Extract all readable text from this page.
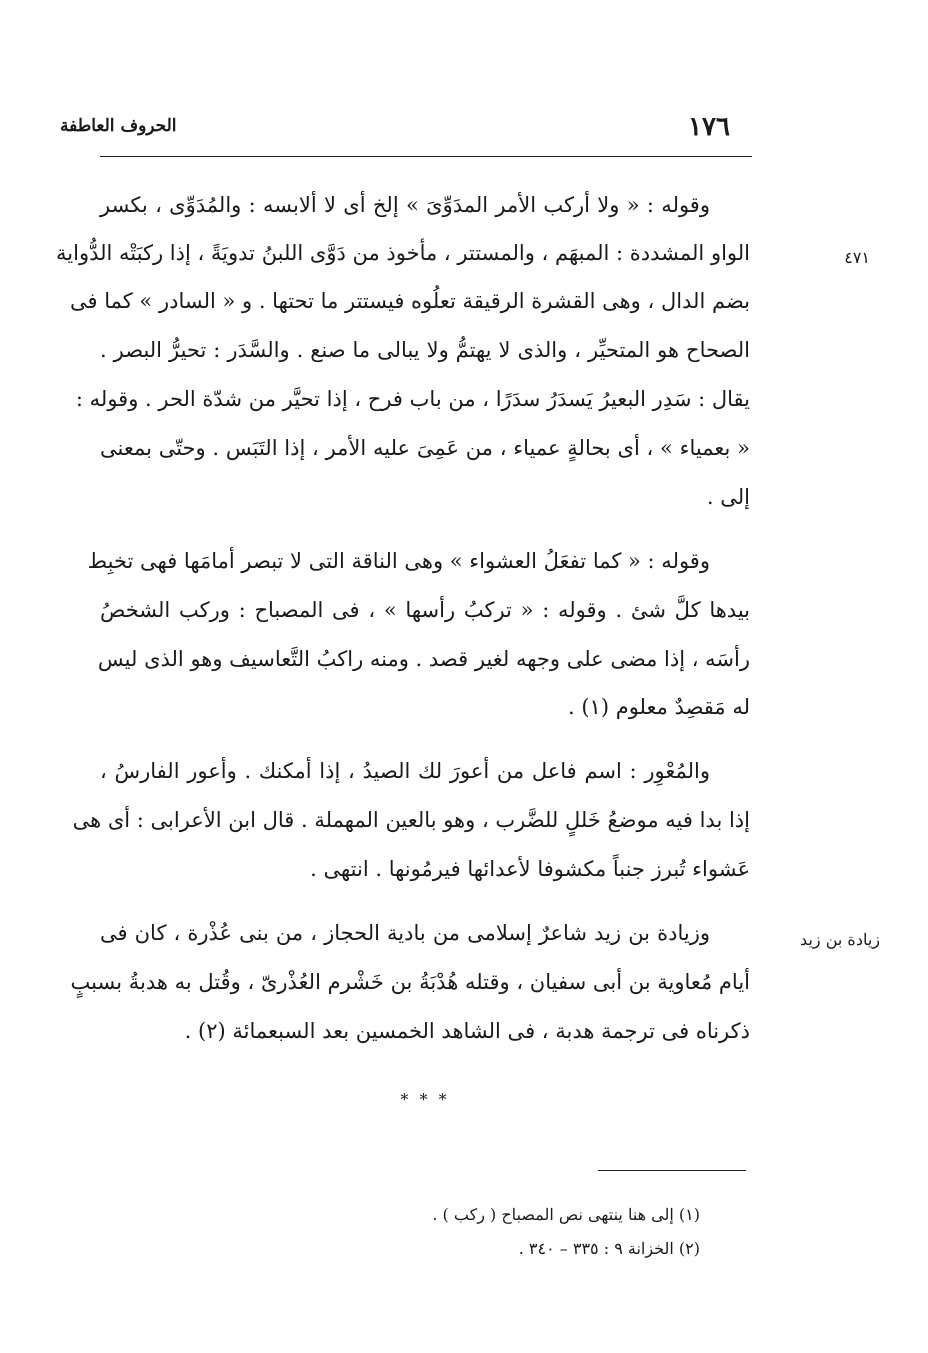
١٧٦
الحروف العاطفة
٤٧١
زيادة بن زيد
وقوله : « ولا أركب الأمر المدَوِّىَ » إلخ أى لا ألابسه : والمُدَوِّى ، بكسر
الواو المشددة : المبهَم ، والمستتر ، مأخوذ من دَوَّى اللبنُ تدويَةً ، إذا ركبَتْه الدُّواية
بضم الدال ، وهى القشرة الرقيقة تعلُوه فيستتر ما تحتها . و « السادر » كما فى
الصحاح هو المتحيِّر ، والذى لا يهتمُّ ولا يبالى ما صنع . والسَّدَر : تحيرُّ البصر .
يقال : سَدِر البعيرُ يَسدَرُ سدَرًا ، من باب فرح ، إذا تحيَّر من شدّة الحر . وقوله :
« بعمياء » ، أى بحالةٍ عمياء ، من عَمِىَ عليه الأمر ، إذا التَبَس . وحتّى بمعنى
إلى .
وقوله : « كما تفعَلُ العشواء » وهى الناقة التى لا تبصر أمامَها فهى تخبِط
بيدها كلَّ شئ . وقوله : « تركبُ رأسها » ، فى المصباح : وركب الشخصُ
رأسَه ، إذا مضى على وجهه لغير قصد . ومنه راكبُ التَّعاسيف وهو الذى ليس
له مَقصِدٌ معلوم (١) .
والمُعْوِر : اسم فاعل من أعورَ لك الصيدُ ، إذا أمكنك . وأعور الفارسُ ،
إذا بدا فيه موضعُ خَللٍ للضَّرب ، وهو بالعين المهملة . قال ابن الأعرابى : أى هى
عَشواء تُبرز جنباً مكشوفا لأعدائها فيرمُونها . انتهى .
وزيادة بن زيد شاعرٌ إسلامى من بادية الحجاز ، من بنى عُذْرة ، كان فى
أيام مُعاوية بن أبى سفيان ، وقتله هُدْبَةُ بن خَشْرم العُذْرىّ ، وقُتل به هدبةُ بسببٍ
ذكرناه فى ترجمة هدبة ، فى الشاهد الخمسين بعد السبعمائة (٢) .
* * *
(١) إلى هنا ينتهى نص المصباح ( ركب ) .
(٢) الخزانة ٩ : ٣٣٥ – ٣٤٠ .
